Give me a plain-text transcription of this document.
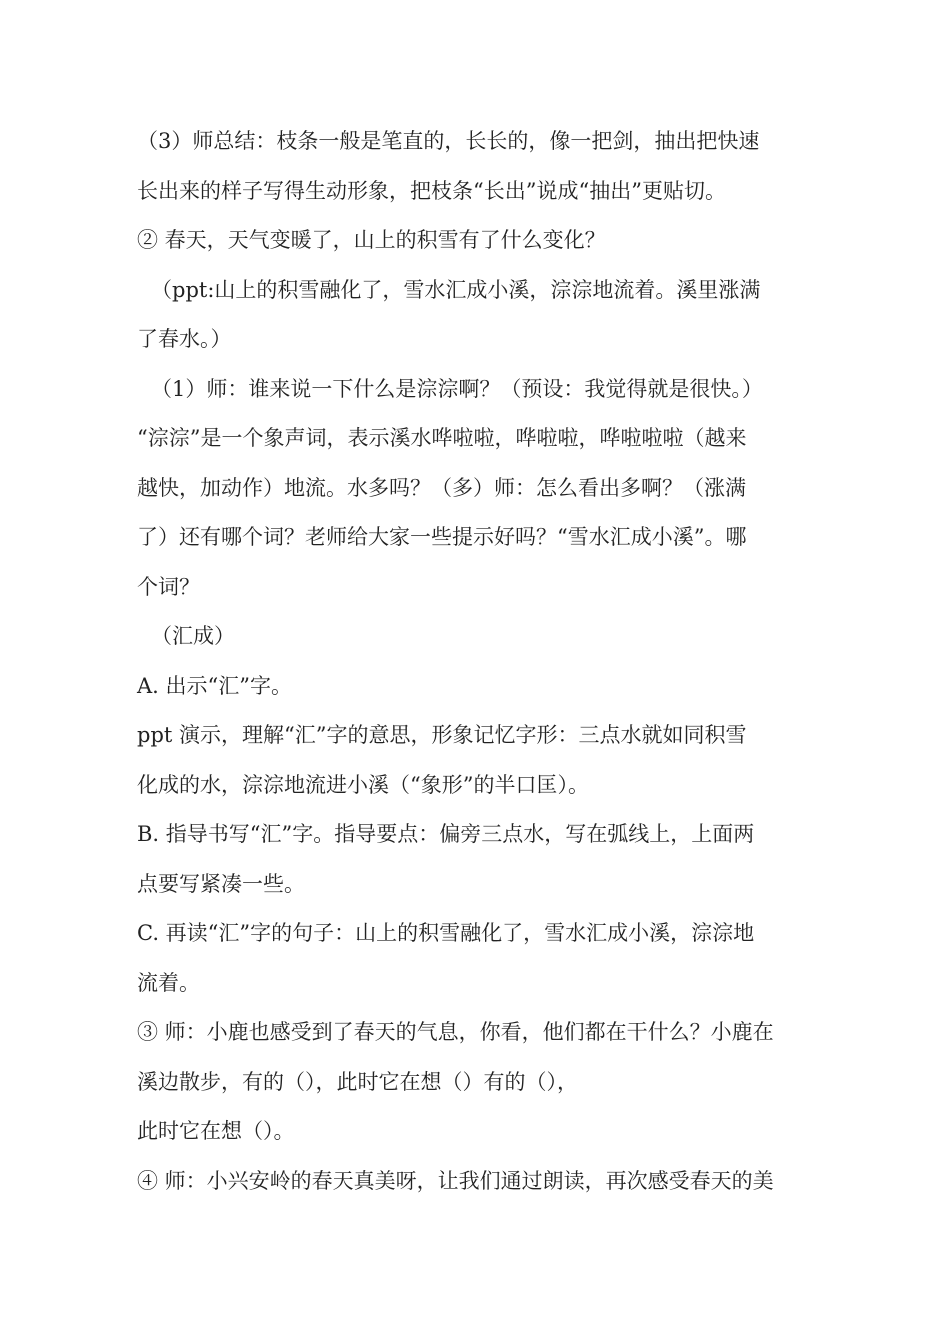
（3）师总结：枝条一般是笔直的，长长的，像一把剑，抽出把快速
长出来的样子写得生动形象，把枝条“长出”说成“抽出”更贴切。
② 春天，天气变暖了，山上的积雪有了什么变化？
（ppt:山上的积雪融化了，雪水汇成小溪，淙淙地流着。溪里涨满
了春水。）
（1）师：谁来说一下什么是淙淙啊？（预设：我觉得就是很快。）
“淙淙”是一个象声词，表示溪水哗啦啦，哗啦啦，哗啦啦啦（越来
越快，加动作）地流。水多吗？（多）师：怎么看出多啊？（涨满
了）还有哪个词？老师给大家一些提示好吗？“雪水汇成小溪”。哪
个词？
（汇成）
A. 出示“汇”字。
ppt 演示，理解“汇”字的意思，形象记忆字形：三点水就如同积雪
化成的水，淙淙地流进小溪（“象形”的半口匡）。
B. 指导书写“汇”字。指导要点：偏旁三点水，写在弧线上，上面两
点要写紧凑一些。
C. 再读“汇”字的句子：山上的积雪融化了，雪水汇成小溪，淙淙地
流着。
③ 师：小鹿也感受到了春天的气息，你看，他们都在干什么？小鹿在
溪边散步，有的（），此时它在想（）有的（），
此时它在想（）。
④ 师：小兴安岭的春天真美呀，让我们通过朗读，再次感受春天的美
